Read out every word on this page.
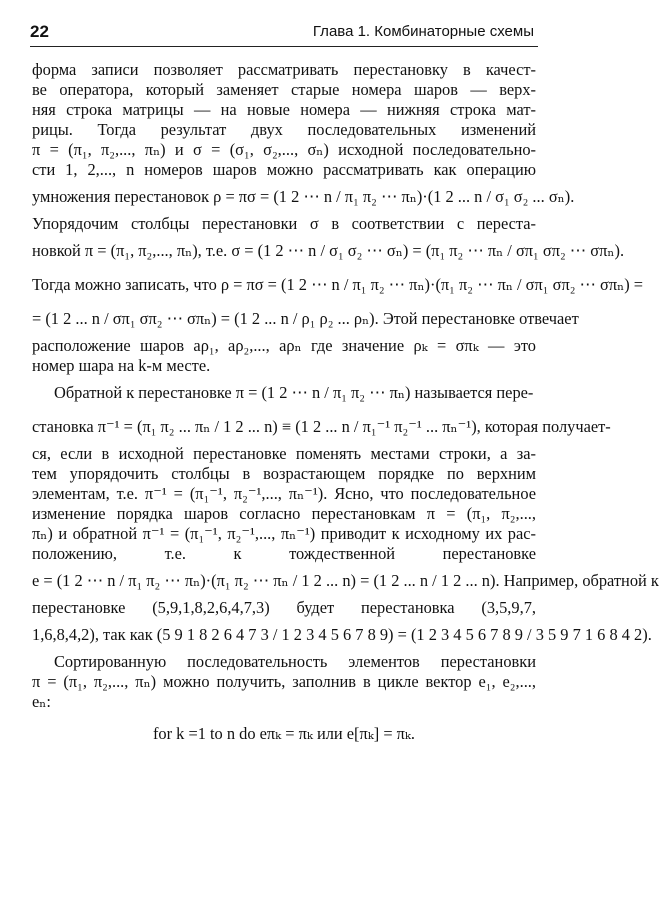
22	Глава 1. Комбинаторные схемы
форма записи позволяет рассматривать перестановку в качест-
ве оператора, который заменяет старые номера шаров — верх-
няя строка матрицы — на новые номера — нижняя строка мат-
рицы. Тогда результат двух последовательных изменений
π = (π₁, π₂,..., πₙ) и σ = (σ₁, σ₂,..., σₙ) исходной последовательно-
сти 1, 2,..., n номеров шаров можно рассматривать как операцию
умножения перестановок ρ = πσ = (1 2 ⋯ n / π₁ π₂ ⋯ πₙ)·(1 2 ... n / σ₁ σ₂ ... σₙ).
Упорядочим столбцы перестановки σ в соответствии с переста-
новкой π = (π₁, π₂,..., πₙ), т.е. σ = (1 2 ⋯ n / σ₁ σ₂ ⋯ σₙ) = (π₁ π₂ ⋯ πₙ / σπ₁ σπ₂ ⋯ σπₙ).
Тогда можно записать, что ρ = πσ = (1 2 ⋯ n / π₁ π₂ ⋯ πₙ)·(π₁ π₂ ⋯ πₙ / σπ₁ σπ₂ ⋯ σπₙ) =
= (1 2 ... n / σπ₁ σπ₂ ⋯ σπₙ) = (1 2 ... n / ρ₁ ρ₂ ... ρₙ). Этой перестановке отвечает
расположение шаров aρ₁, aρ₂,..., aρₙ где значение ρₖ = σπₖ — это
номер шара на k-м месте.
Обратной к перестановке π = (1 2 ⋯ n / π₁ π₂ ⋯ πₙ) называется пере-
становка π⁻¹ = (π₁ π₂ ... πₙ / 1 2 ... n) ≡ (1 2 ... n / π₁⁻¹ π₂⁻¹ ... πₙ⁻¹), которая получает-
ся, если в исходной перестановке поменять местами строки, а за-
тем упорядочить столбцы в возрастающем порядке по верхним
элементам, т.е. π⁻¹ = (π₁⁻¹, π₂⁻¹,..., πₙ⁻¹). Ясно, что последовательное
изменение порядка шаров согласно перестановкам π = (π₁, π₂,...,
πₙ) и обратной π⁻¹ = (π₁⁻¹, π₂⁻¹,..., πₙ⁻¹) приводит к исходному их рас-
положению, т.е. к тождественной перестановке
e = (1 2 ⋯ n / π₁ π₂ ⋯ πₙ)·(π₁ π₂ ⋯ πₙ / 1 2 ... n) = (1 2 ... n / 1 2 ... n). Например, обратной к
перестановке (5,9,1,8,2,6,4,7,3) будет перестановка (3,5,9,7,
1,6,8,4,2), так как (5 9 1 8 2 6 4 7 3 / 1 2 3 4 5 6 7 8 9) = (1 2 3 4 5 6 7 8 9 / 3 5 9 7 1 6 8 4 2).
Сортированную последовательность элементов перестановки
π = (π₁, π₂,..., πₙ) можно получить, заполнив в цикле вектор e₁, e₂,...,
eₙ:
for k =1 to n do eπₖ = πₖ или e[πₖ] = πₖ.
